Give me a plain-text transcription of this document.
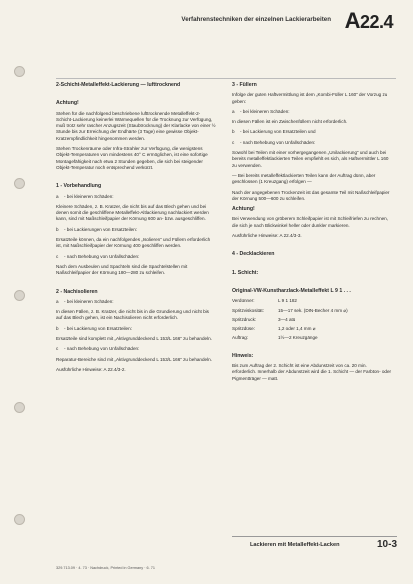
Verfahrenstechniken der einzelnen Lackierarbeiten A22.4

2-Schicht-Metalleffekt-Lackierung — lufttrocknend

Achtung!

Stehen für die nachfolgend beschriebene lufttrocknende Metalleffekt-2-Schicht-Lackierung keinerlei Wärmequellen für die Trocknung zur Verfügung, muß trotz sehr rascher Anzugszeit (Staubtrocknung) der Klarlacke von einer ½ Stunde bis zur Erreichung der Endhärte (3 Tage) eine gewisse Objekt-Kratzempfindlichkeit hingenommen werden.

Stehen Trockenräume oder Infra-Strahler zur Verfügung, die wenigstens Objekt-Temperaturen von mindestens 40° C ermöglichen, ist eine sofortige Montagefähigkeit nach etwa 2 Stunden gegeben, die sich bei steigender Objekt-Temperatur noch entsprechend verkürzt.

1 - Vorbehandlung

a	- bei kleineren Schäden:

Kleinere Schäden, z. B. Kratzer, die nicht bis auf das Blech gehen und bei denen somit die geschliffene Metalleffekt-Altlackierung nachlackiert werden kann, sind mit Naßschleifpapier der Körnung 600 an- bzw. ausgeschliffen.

b	- bei Lackierungen von Ersatzteilen:

Ersatzteile können, da ein nachfolgendes „Isolieren“ und Füllern erforderlich ist, mit Naßschleifpapier der Körnung 400 geschliffen werden.

c	- nach Behebung von Unfallschäden:

Nach dem Ausbeulen und Spachteln sind die Spachtelstellen mit Naßschleifpapier der Körnung 180—280 zu schleifen.

2 - Nachisolieren

a	- bei kleineren Schäden:

In diesen Fällen, z. B. Kratzer, die nicht bis in die Grundierung und nicht bis auf das Blech gehen, ist ein Nachisolieren nicht erforderlich.

b	- bei Lackierung von Ersatzteilen:

Ersatzteile sind komplett mit „Aktivgrunddeckend L 153/L 166“ zu behandeln.

c	- nach Behebung von Unfallschäden:

Reparatur-Bereiche sind mit „Aktivgrunddeckend L 153/L 166“ zu behandeln.

Ausführliche Hinweise: A 22.4/3-2.

3 - Füllern

Infolge der guten Haftvermittlung ist dem „Kombi-Füller L 160“ der Vorzug zu geben:

a	- bei kleineren Schäden:

In diesen Fällen ist ein Zwischenfüllern nicht erforderlich.

b	- bei Lackierung von Ersatzteilen und
c	- nach Behebung von Unfallschäden:

Sowohl bei Teilen mit einer vorhergegangenen „Unilackierung“ und auch bei bereits metalleffektlackierten Teilen empfiehlt es sich, als Haftvermittler L 160 zu verwenden.

— Bei bereits metalleffektlackierten Teilen kann der Auftrag dünn, aber geschlossen (1 Kreuzgang) erfolgen —

Nach der angegebenen Trockenzeit ist das gesamte Teil mit Naßschleifpapier der Körnung 500—600 zu schleifen.

Achtung!

Bei Verwendung von gröberem Schleifpapier ist mit Schleifriefen zu rechnen, die sich je nach Blickwinkel heller oder dunkler markieren.

Ausführliche Hinweise: A 22.4/3-3.

4 - Decklackieren

1. Schicht:

Original-VW-Kunstharzlack-Metalleffekt L 9 1 . . .

Verdünner:	L 9 1 182
Spritzviskosität:	15—17 sek. (DIN-Becher 4 mm ⌀)
Spritzdruck:	3—4 atü
Spritzdüse:	1,2 oder 1,4 mm ⌀
Auftrag:	1½—2 Kreuzgänge

Hinweis:

Bis zum Auftrag der 2. Schicht ist eine Abdunstzeit von ca. 20 min. erforderlich. Innerhalb der Abdunstzeit wird die 1. Schicht — der Farbton- oder Pigmentträger — matt.

Lackieren mit Metalleffekt-Lacken	10-3
329.713.09 · 4. 73 · Nachdruck, Printed in Germany · 6. 71
